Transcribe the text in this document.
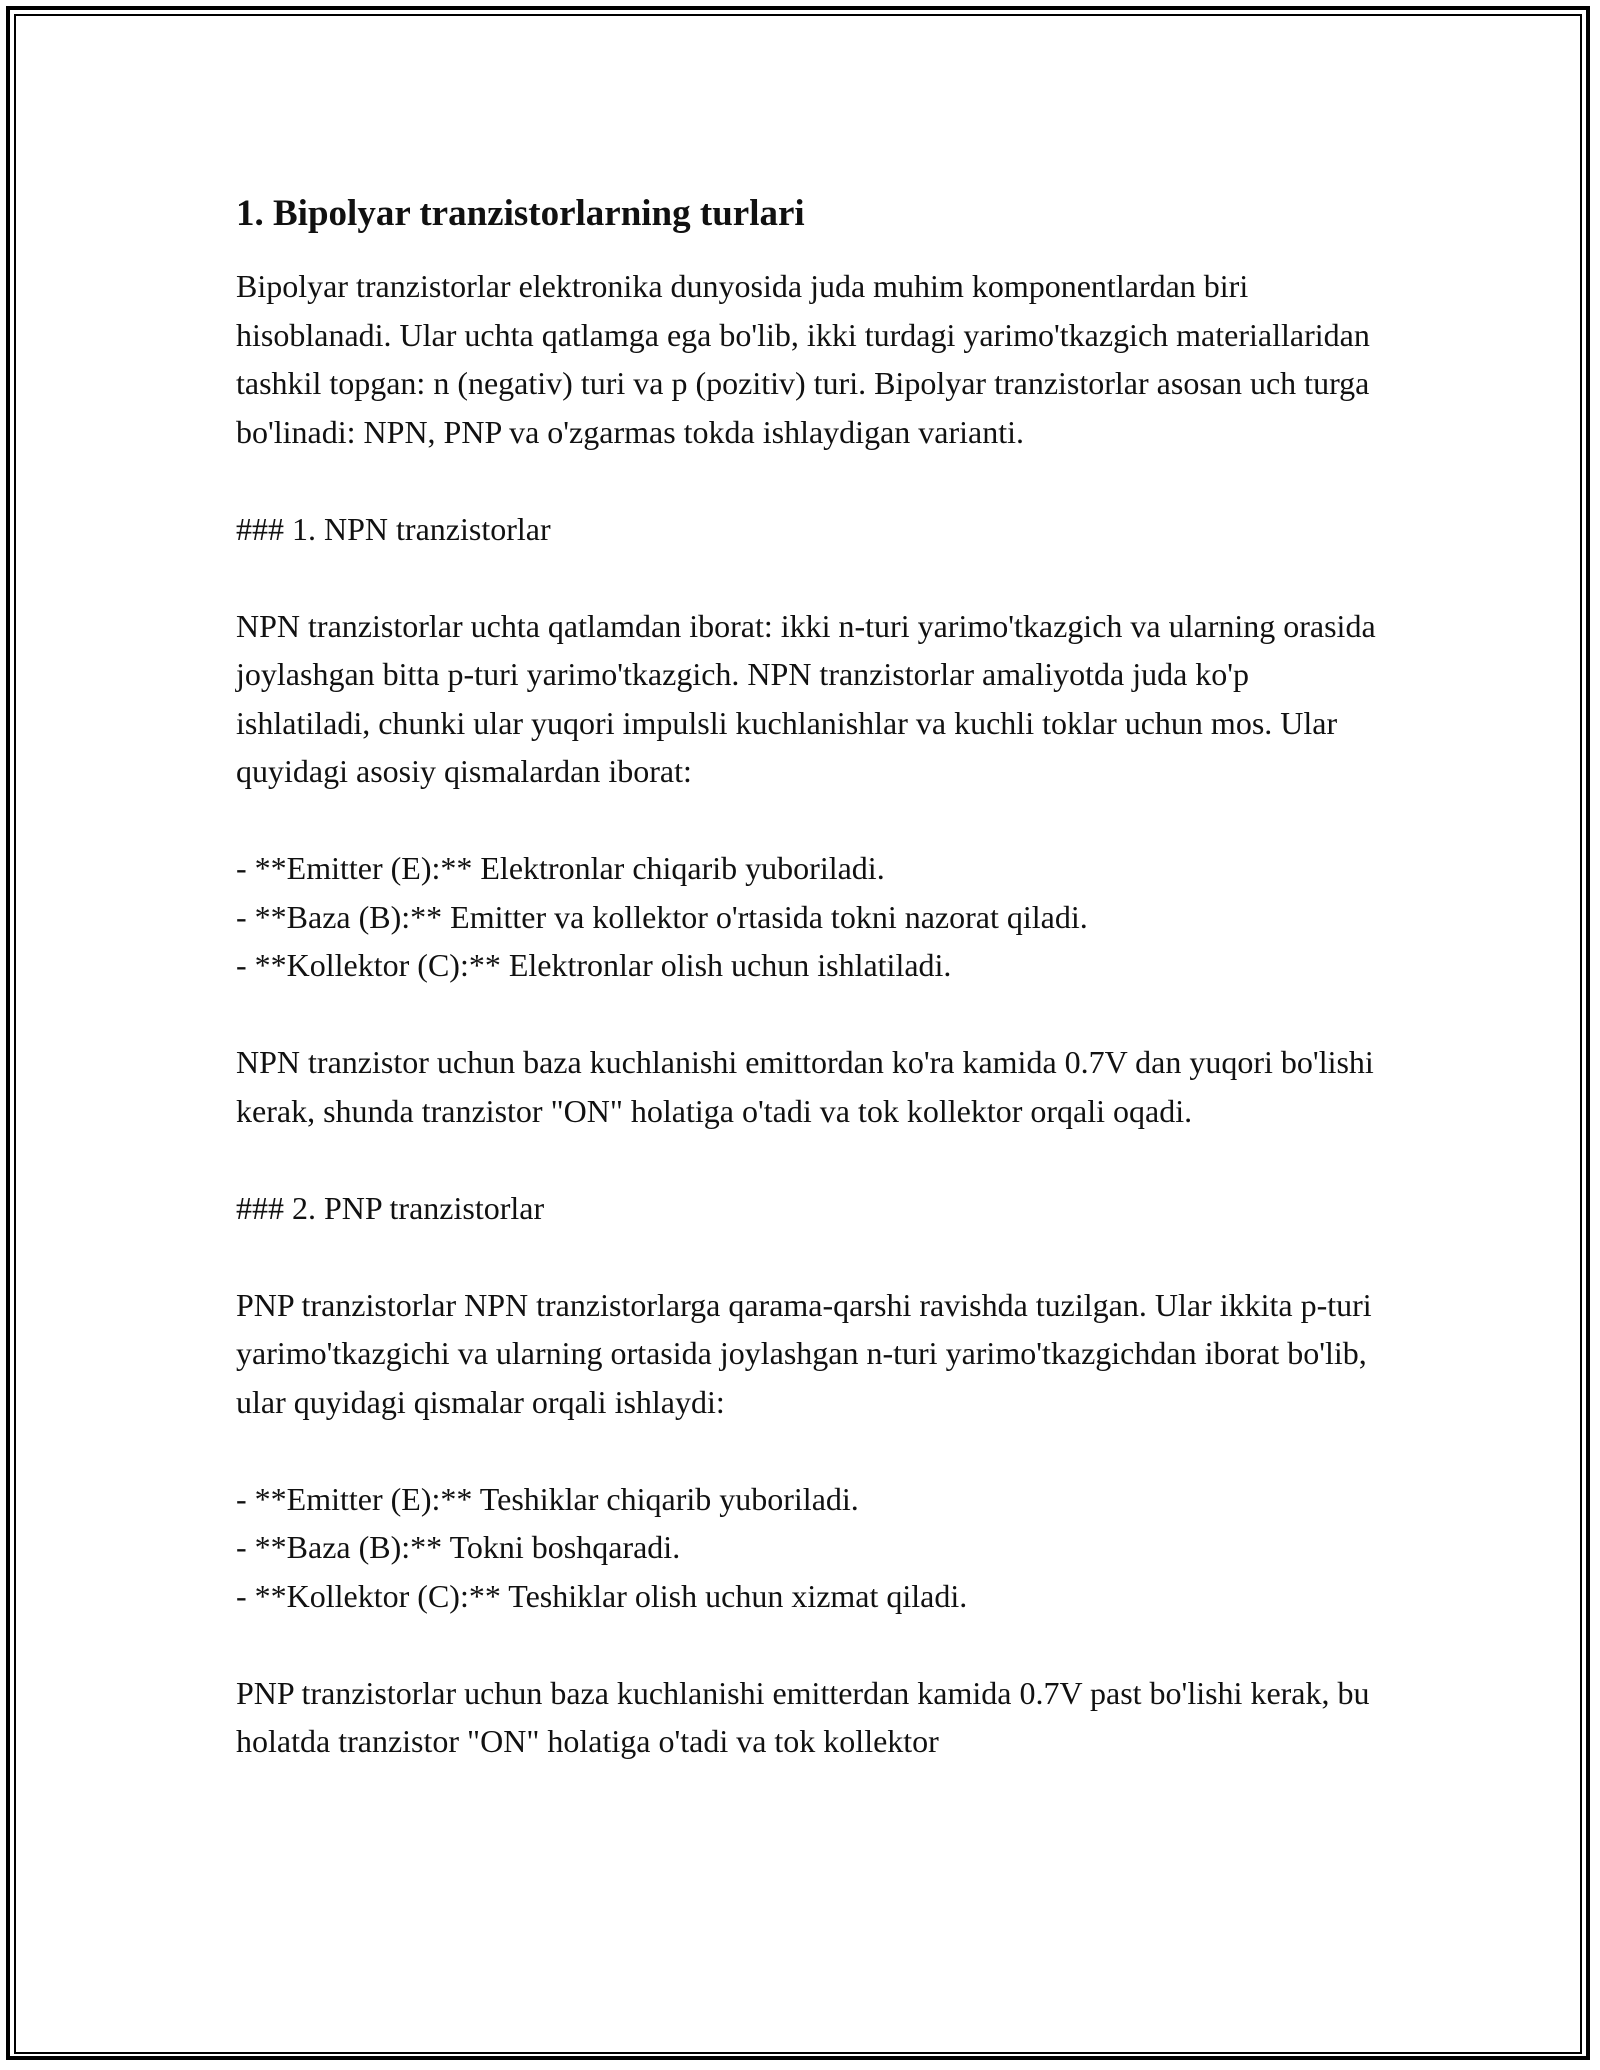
1. Bipolyar tranzistorlarning turlari

Bipolyar tranzistorlar elektronika dunyosida juda muhim komponentlardan biri hisoblanadi. Ular uchta qatlamga ega bo'lib, ikki turdagi yarimo'tkazgich materiallaridan tashkil topgan: n (negativ) turi va p (pozitiv) turi. Bipolyar tranzistorlar asosan uch turga bo'linadi: NPN, PNP va o'zgarmas tokda ishlaydigan varianti.

### 1. NPN tranzistorlar

NPN tranzistorlar uchta qatlamdan iborat: ikki n-turi yarimo'tkazgich va ularning orasida joylashgan bitta p-turi yarimo'tkazgich. NPN tranzistorlar amaliyotda juda ko'p ishlatiladi, chunki ular yuqori impulsli kuchlanishlar va kuchli toklar uchun mos. Ular quyidagi asosiy qismalardan iborat:

- **Emitter (E):** Elektronlar chiqarib yuboriladi.
- **Baza (B):** Emitter va kollektor o'rtasida tokni nazorat qiladi.
- **Kollektor (C):** Elektronlar olish uchun ishlatiladi.

NPN tranzistor uchun baza kuchlanishi emittordan ko'ra kamida 0.7V dan yuqori bo'lishi kerak, shunda tranzistor "ON" holatiga o'tadi va tok kollektor orqali oqadi.

### 2. PNP tranzistorlar

PNP tranzistorlar NPN tranzistorlarga qarama-qarshi ravishda tuzilgan. Ular ikkita p-turi yarimo'tkazgichi va ularning ortasida joylashgan n-turi yarimo'tkazgichdan iborat bo'lib, ular quyidagi qismalar orqali ishlaydi:

- **Emitter (E):** Teshiklar chiqarib yuboriladi.
- **Baza (B):** Tokni boshqaradi.
- **Kollektor (C):** Teshiklar olish uchun xizmat qiladi.

PNP tranzistorlar uchun baza kuchlanishi emitterdan kamida 0.7V past bo'lishi kerak, bu holatda tranzistor "ON" holatiga o'tadi va tok kollektor
